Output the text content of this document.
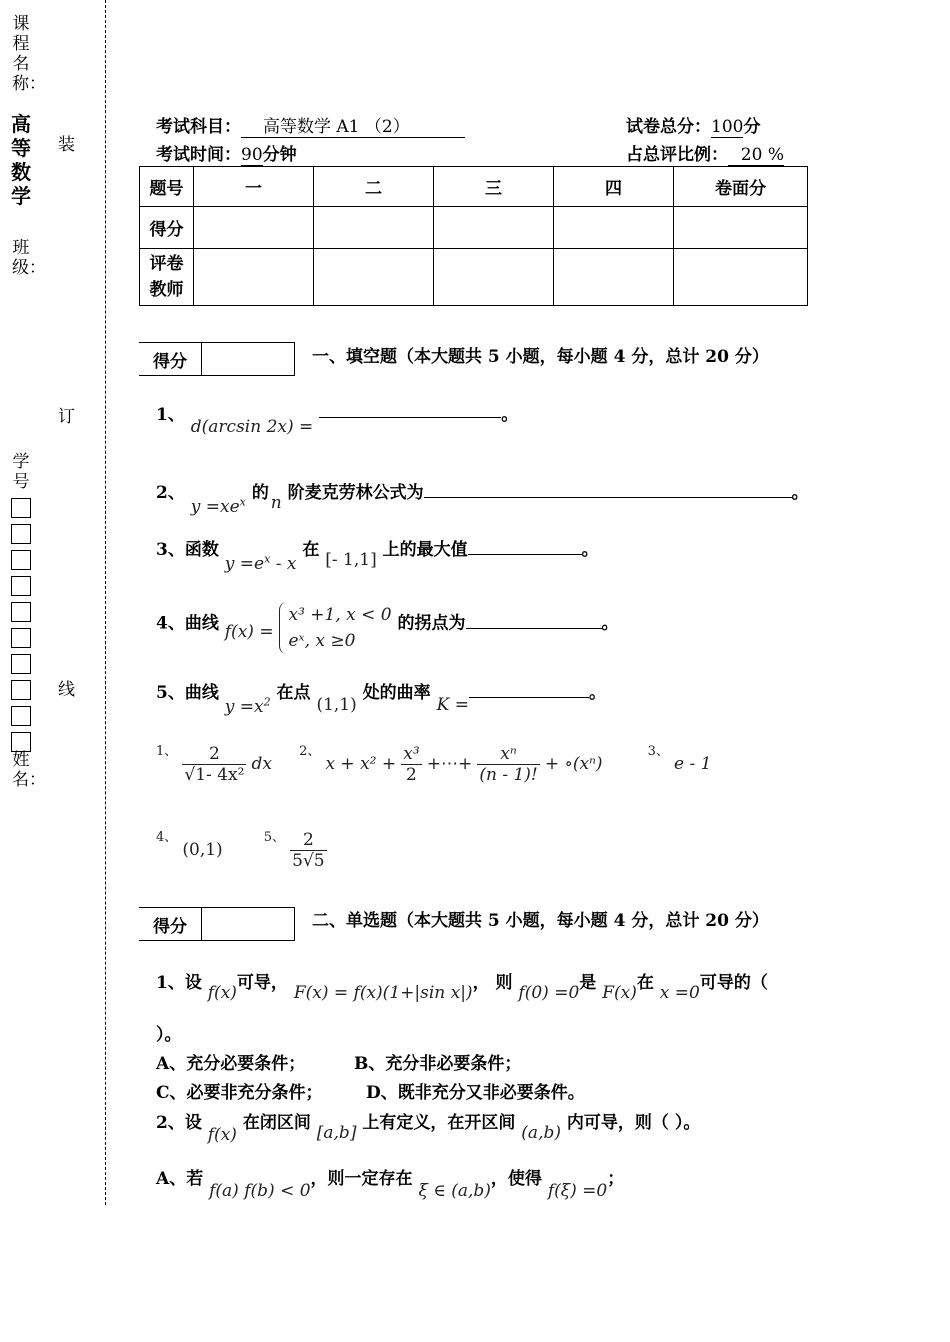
课程名称：
高等数学
班级：
学号
姓名：
装
订
线
考试科目： 高等数学 A1 （2）	试卷总分：100分
考试时间：90分钟	占总评比例： 20 %
题号	一	二	三	四	卷面分
得分					

评卷
教师					

得分	一、填空题（本大题共 5 小题，每小题 4 分，总计 20 分）
1、 d(arcsin 2x) = 。
2、 $y =xe^x$ 的 n 阶麦克劳林公式为	。
3、函数 $y =e^x - x$ 在 [- 1,1] 上的最大值	。
4、曲线 f(x) =
x³ +1, x < 0
eˣ, x ≥0
的拐点为	。
5、曲线 $y =x^2$ 在点 (1,1) 处的曲率 K =。
$^{1、} \frac{2}{\text{√1- 4x²}}$ dx $^{2、}$ $x + x^2 + \frac{\text{x³}}{2}$ +⋯+ $\frac{\text{xⁿ}}{(n - 1)!}$ + ∘(xⁿ) $^{3、}$ e - 1
$^{4、}$ (0,1) $^{5、} \frac{2}{5√5}$
得分	二、单选题（本大题共 5 小题，每小题 4 分，总计 20 分）
1、设 f(x)可导， F(x) = f(x)(1+|sin x|)， 则 f(0) =0是 F(x)在 x =0可导的（
）。
A、充分必要条件；	B、充分非必要条件；
C、必要非充分条件；	D、既非充分又非必要条件。
2、设 f(x) 在闭区间 [a,b] 上有定义，在开区间 (a,b) 内可导，则（ ）。
A、若 f(a) f(b) < 0，则一定存在 ξ ∈ (a,b)，使得 f(ξ) =0；
